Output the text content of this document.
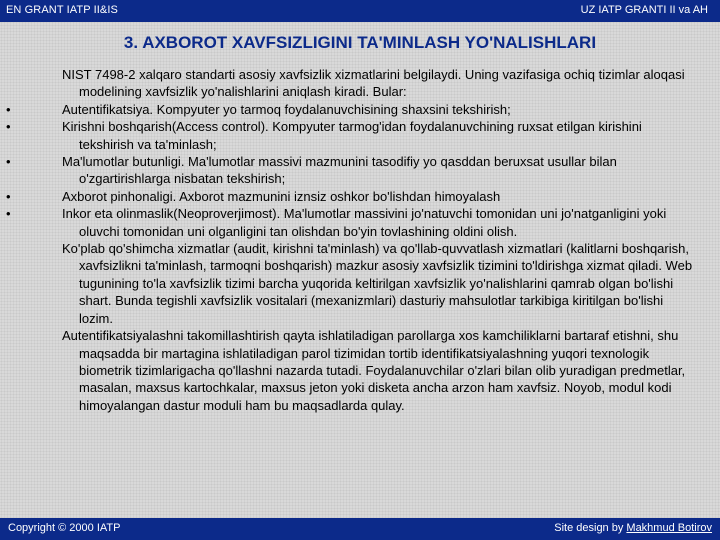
EN GRANT IATP II&IS	UZ IATP GRANTI II va AH
3. AXBOROT XAVFSIZLIGINI TA'MINLASH YO'NALISHLARI

NIST 7498-2 xalqaro standarti asosiy xavfsizlik xizmatlarini belgilaydi. Uning vazifasiga ochiq tizimlar aloqasi modelining xavfsizlik yo'nalishlarini aniqlash kiradi. Bular:

•	Autentifikatsiya. Kompyuter yo tarmoq foydalanuvchisining shaxsini tekshirish;

•	Kirishni boshqarish(Access control). Kompyuter tarmog'idan foydalanuvchining ruxsat etilgan kirishini tekshirish va ta'minlash;

•	Ma'lumotlar butunligi. Ma'lumotlar massivi mazmunini tasodifiy yo qasddan beruxsat usullar bilan o'zgartirishlarga nisbatan tekshirish;

•	Axborot pinhonaligi. Axborot mazmunini iznsiz oshkor bo'lishdan himoyalash

•	Inkor eta olinmaslik(Neoproverjimost). Ma'lumotlar massivini jo'natuvchi tomonidan uni jo'natganligini yoki oluvchi tomonidan uni olganligini tan olishdan bo'yin tovlashining oldini olish.

Ko'plab qo'shimcha xizmatlar (audit, kirishni ta'minlash) va qo'llab-quvvatlash xizmatlari (kalitlarni boshqarish, xavfsizlikni ta'minlash, tarmoqni boshqarish) mazkur asosiy xavfsizlik tizimini to'ldirishga xizmat qiladi. Web tugunining to'la xavfsizlik tizimi barcha yuqorida keltirilgan xavfsizlik yo'nalishlarini qamrab olgan bo'lishi shart. Bunda tegishli xavfsizlik vositalari (mexanizmlari) dasturiy mahsulotlar tarkibiga kiritilgan bo'lishi lozim.

Autentifikatsiyalashni takomillashtirish qayta ishlatiladigan parollarga xos kamchiliklarni bartaraf etishni, shu maqsadda bir martagina ishlatiladigan parol tizimidan tortib identifikatsiyalashning yuqori texnologik biometrik tizimlarigacha qo'llashni nazarda tutadi. Foydalanuvchilar o'zlari bilan olib yuradigan predmetlar, masalan, maxsus kartochkalar, maxsus jeton yoki disketa ancha arzon ham xavfsiz. Noyob, modul kodi himoyalangan dastur moduli ham bu maqsadlarda qulay.

Copyright © 2000 IATP	Site design by Makhmud Botirov
